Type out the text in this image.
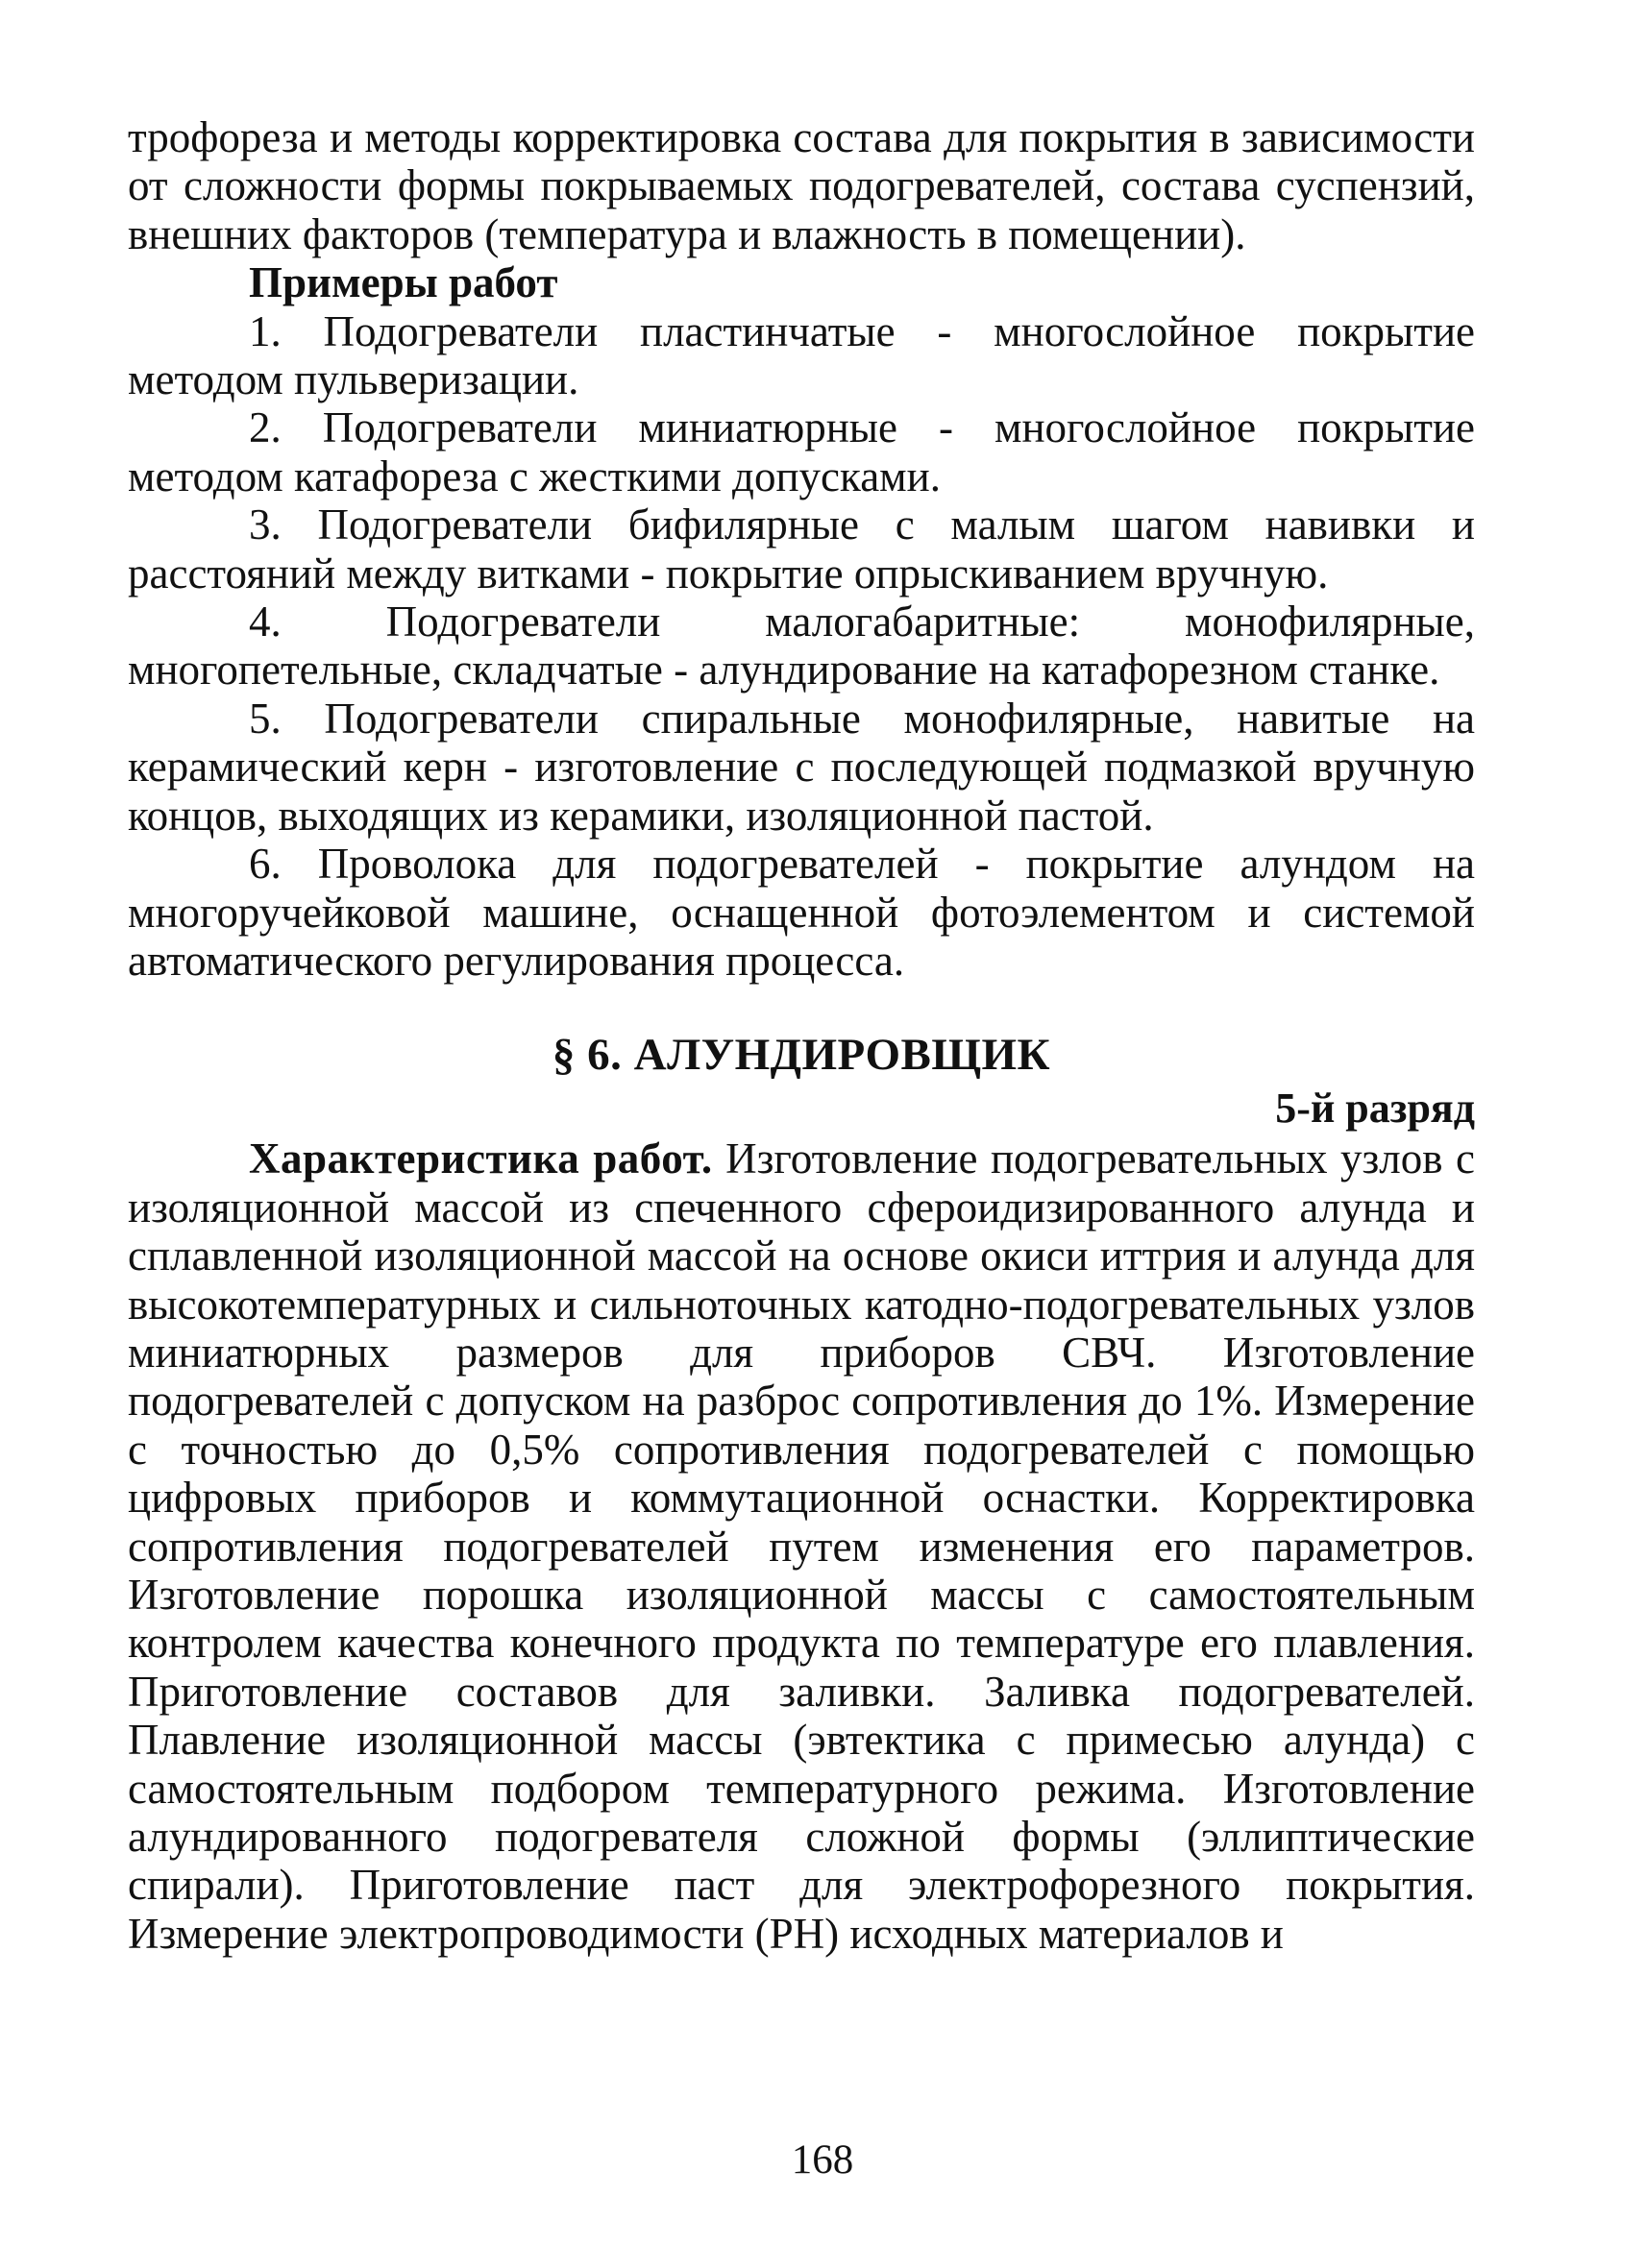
трофореза и методы корректировка состава для покрытия в зависимости от сложности формы покрываемых подогревателей, состава суспензий, внешних факторов (температура и влажность в помещении).

Примеры работ

1. Подогреватели пластинчатые - многослойное покрытие методом пульверизации.

2. Подогреватели миниатюрные - многослойное покрытие методом катафореза с жесткими допусками.

3. Подогреватели бифилярные с малым шагом навивки и расстояний между витками - покрытие опрыскиванием вручную.

4. Подогреватели малогабаритные: монофилярные, многопетельные, складчатые - алундирование на катафорезном станке.

5. Подогреватели спиральные монофилярные, навитые на керамический керн - изготовление с последующей подмазкой вручную концов, выходящих из керамики, изоляционной пастой.

6. Проволока для подогревателей - покрытие алундом на многоручейковой машине, оснащенной фотоэлементом и системой автоматического регулирования процесса.

§ 6. АЛУНДИРОВЩИК

5-й разряд

Характеристика работ. Изготовление подогревательных узлов с изоляционной массой из спеченного сфероидизированного алунда и сплавленной изоляционной массой на основе окиси иттрия и алунда для высокотемпературных и сильноточных катодно-подогревательных узлов миниатюрных размеров для приборов СВЧ. Изготовление подогревателей с допуском на разброс сопротивления до 1%. Измерение с точностью до 0,5% сопротивления подогревателей с помощью цифровых приборов и коммутационной оснастки. Корректировка сопротивления подогревателей путем изменения его параметров. Изготовление порошка изоляционной массы с самостоятельным контролем качества конечного продукта по температуре его плавления. Приготовление составов для заливки. Заливка подогревателей. Плавление изоляционной массы (эвтектика с примесью алунда) с самостоятельным подбором температурного режима. Изготовление алундированного подогревателя сложной формы (эллиптические спирали). Приготовление паст для электрофорезного покрытия. Измерение электропроводимости (РН) исходных материалов и

168
